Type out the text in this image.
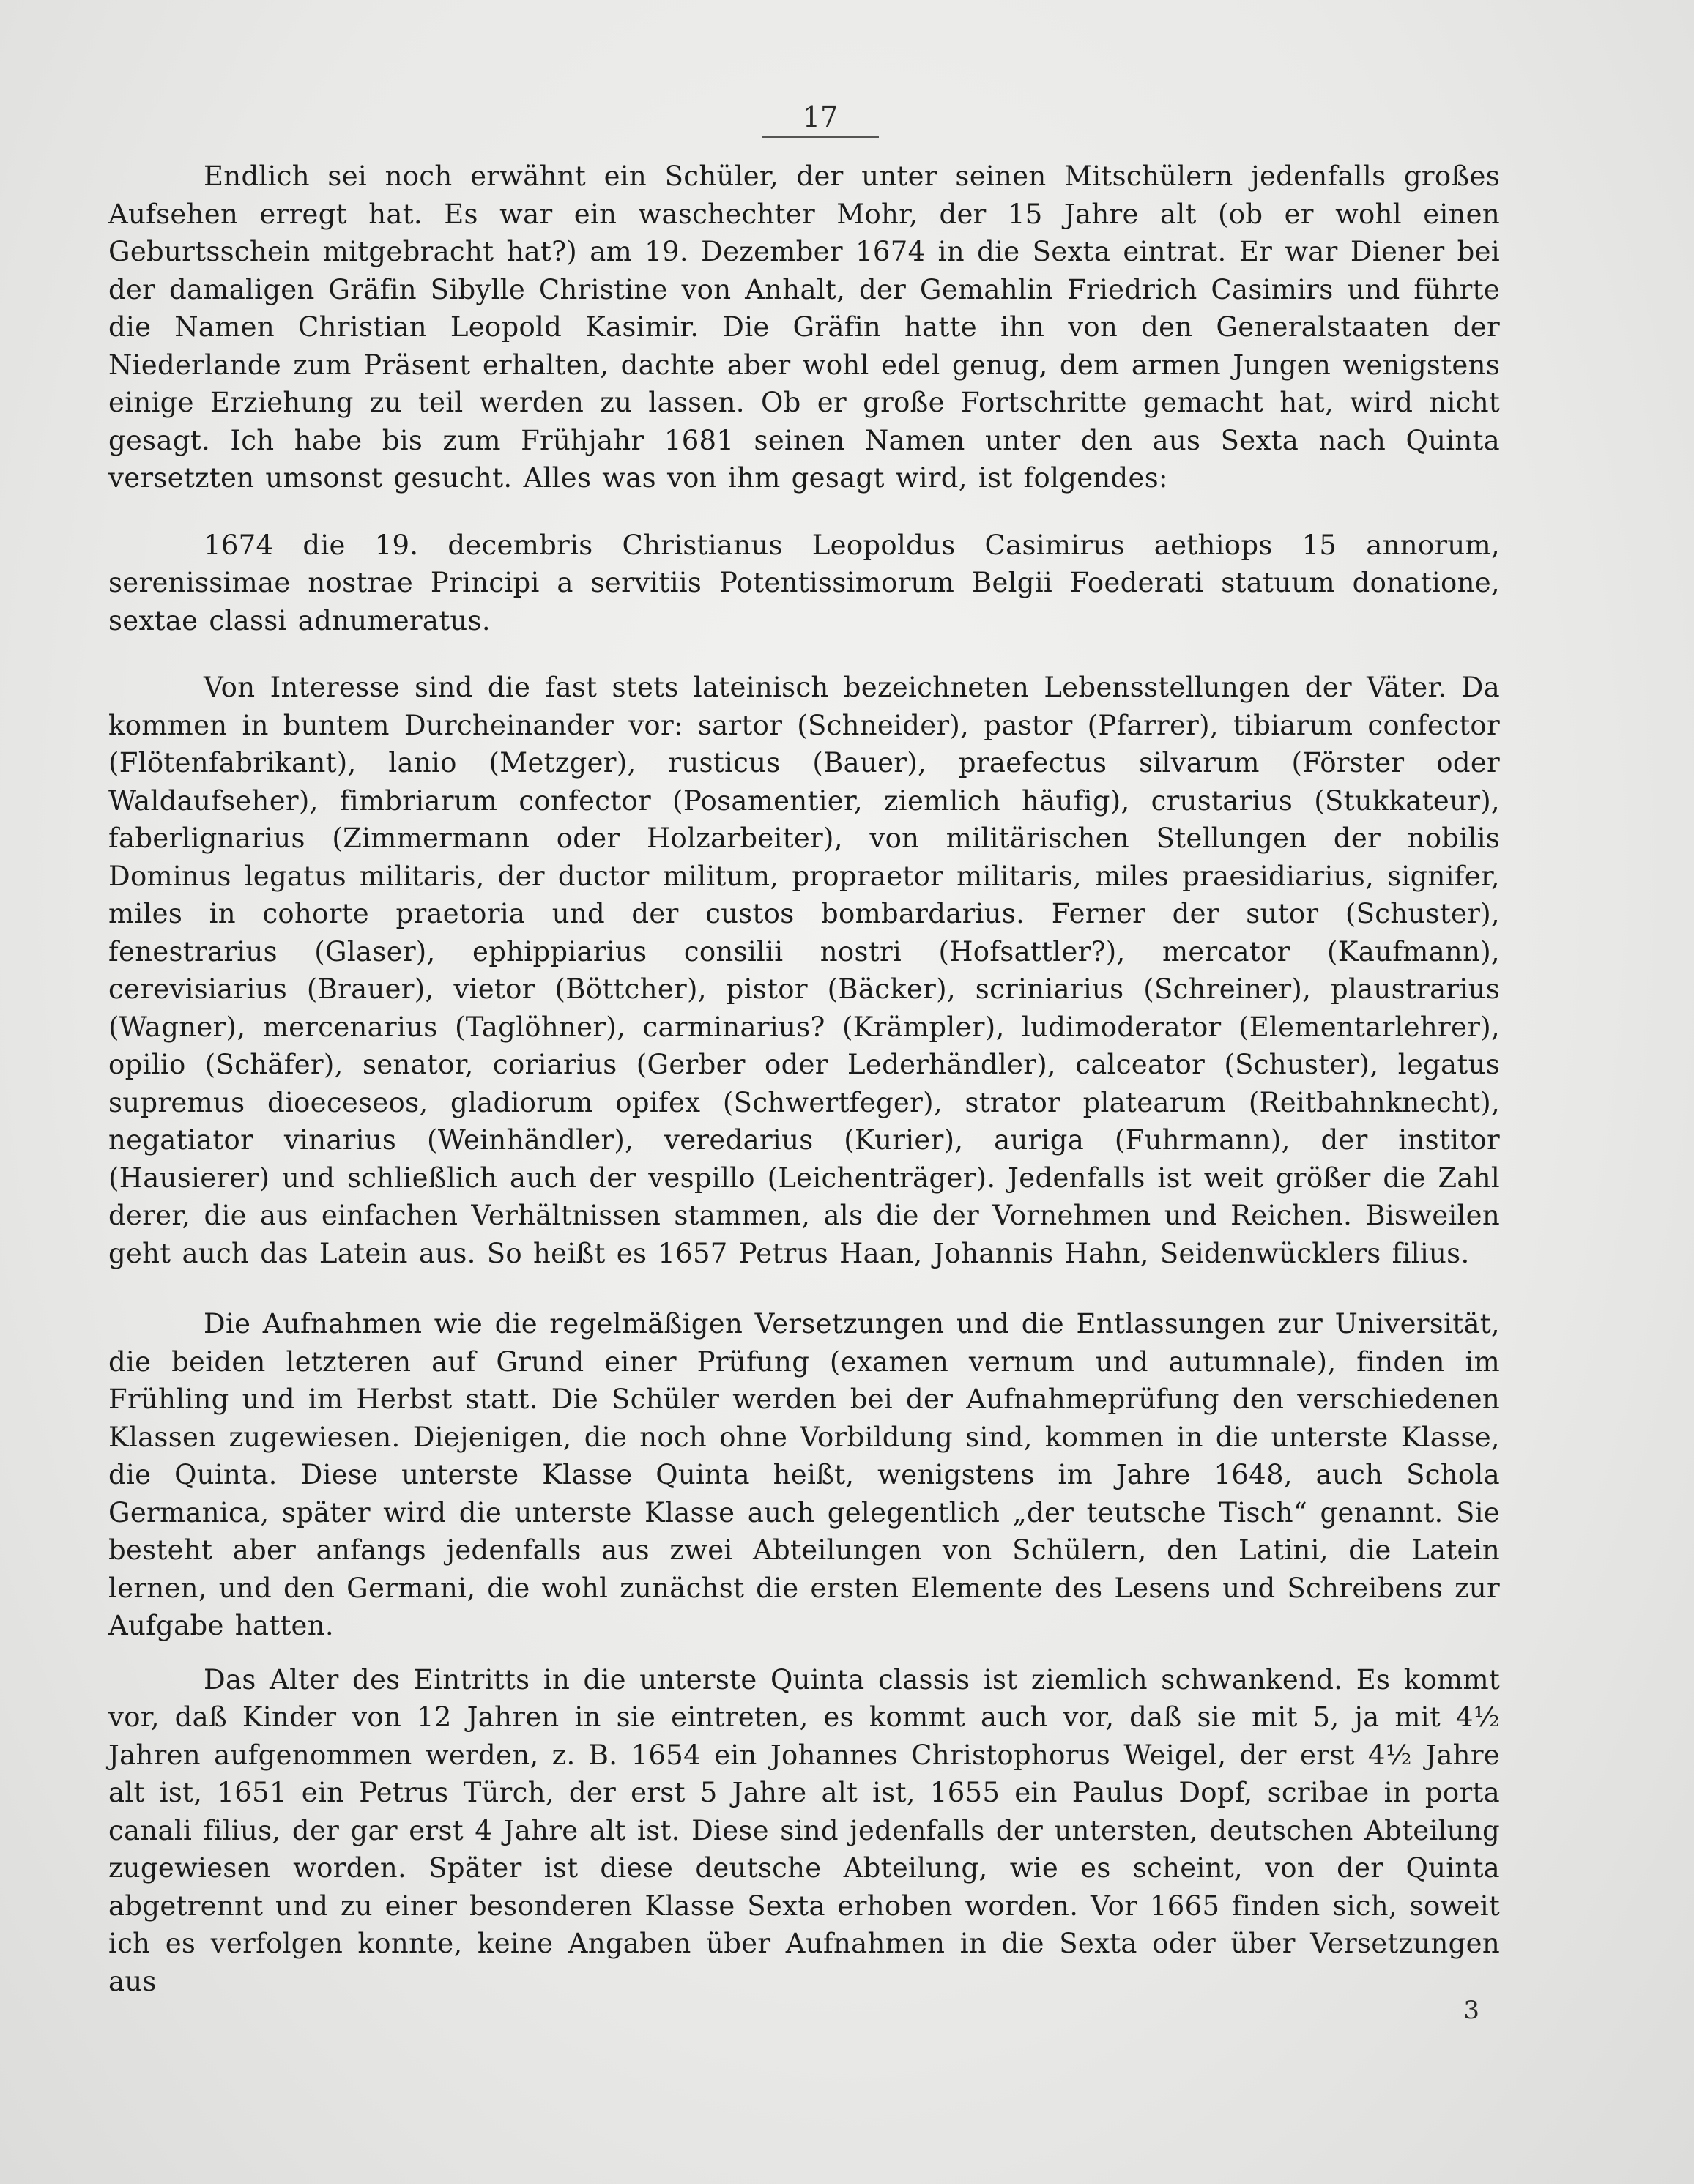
17

Endlich sei noch erwähnt ein Schüler, der unter seinen Mitschülern jedenfalls großes Aufsehen erregt hat. Es war ein waschechter Mohr, der 15 Jahre alt (ob er wohl einen Geburtsschein mitgebracht hat?) am 19. Dezember 1674 in die Sexta eintrat. Er war Diener bei der damaligen Gräfin Sibylle Christine von Anhalt, der Gemahlin Friedrich Casimirs und führte die Namen Christian Leopold Kasimir. Die Gräfin hatte ihn von den Generalstaaten der Niederlande zum Präsent erhalten, dachte aber wohl edel genug, dem armen Jungen wenigstens einige Erziehung zu teil werden zu lassen. Ob er große Fortschritte gemacht hat, wird nicht gesagt. Ich habe bis zum Frühjahr 1681 seinen Namen unter den aus Sexta nach Quinta versetzten umsonst gesucht. Alles was von ihm gesagt wird, ist folgendes:

1674 die 19. decembris Christianus Leopoldus Casimirus aethiops 15 annorum, serenissimae nostrae Principi a servitiis Potentissimorum Belgii Foederati statuum donatione, sextae classi adnumeratus.

Von Interesse sind die fast stets lateinisch bezeichneten Lebensstellungen der Väter. Da kommen in buntem Durcheinander vor: sartor (Schneider), pastor (Pfarrer), tibiarum confector (Flötenfabrikant), lanio (Metzger), rusticus (Bauer), praefectus silvarum (Förster oder Waldaufseher), fimbriarum confector (Posamentier, ziemlich häufig), crustarius (Stukkateur), faberlignarius (Zimmermann oder Holzarbeiter), von militärischen Stellungen der nobilis Dominus legatus militaris, der ductor militum, propraetor militaris, miles praesidiarius, signifer, miles in cohorte praetoria und der custos bombardarius. Ferner der sutor (Schuster), fenestrarius (Glaser), ephippiarius consilii nostri (Hofsattler?), mercator (Kaufmann), cerevisiarius (Brauer), vietor (Böttcher), pistor (Bäcker), scriniarius (Schreiner), plaustrarius (Wagner), mercenarius (Taglöhner), carminarius? (Krämpler), ludimoderator (Elementarlehrer), opilio (Schäfer), senator, coriarius (Gerber oder Lederhändler), calceator (Schuster), legatus supremus dioeceseos, gladiorum opifex (Schwertfeger), strator platearum (Reitbahnknecht), negatiator vinarius (Weinhändler), veredarius (Kurier), auriga (Fuhrmann), der institor (Hausierer) und schließlich auch der vespillo (Leichenträger). Jedenfalls ist weit größer die Zahl derer, die aus einfachen Verhältnissen stammen, als die der Vornehmen und Reichen. Bisweilen geht auch das Latein aus. So heißt es 1657 Petrus Haan, Johannis Hahn, Seidenwücklers filius.

Die Aufnahmen wie die regelmäßigen Versetzungen und die Entlassungen zur Universität, die beiden letzteren auf Grund einer Prüfung (examen vernum und autumnale), finden im Frühling und im Herbst statt. Die Schüler werden bei der Aufnahmeprüfung den verschiedenen Klassen zugewiesen. Diejenigen, die noch ohne Vorbildung sind, kommen in die unterste Klasse, die Quinta. Diese unterste Klasse Quinta heißt, wenigstens im Jahre 1648, auch Schola Germanica, später wird die unterste Klasse auch gelegentlich „der teutsche Tisch“ genannt. Sie besteht aber anfangs jedenfalls aus zwei Abteilungen von Schülern, den Latini, die Latein lernen, und den Germani, die wohl zunächst die ersten Elemente des Lesens und Schreibens zur Aufgabe hatten.

Das Alter des Eintritts in die unterste Quinta classis ist ziemlich schwankend. Es kommt vor, daß Kinder von 12 Jahren in sie eintreten, es kommt auch vor, daß sie mit 5, ja mit 4½ Jahren aufgenommen werden, z. B. 1654 ein Johannes Christophorus Weigel, der erst 4½ Jahre alt ist, 1651 ein Petrus Türch, der erst 5 Jahre alt ist, 1655 ein Paulus Dopf, scribae in porta canali filius, der gar erst 4 Jahre alt ist. Diese sind jedenfalls der untersten, deutschen Abteilung zugewiesen worden. Später ist diese deutsche Abteilung, wie es scheint, von der Quinta abgetrennt und zu einer besonderen Klasse Sexta erhoben worden. Vor 1665 finden sich, soweit ich es verfolgen konnte, keine Angaben über Aufnahmen in die Sexta oder über Versetzungen aus

3
